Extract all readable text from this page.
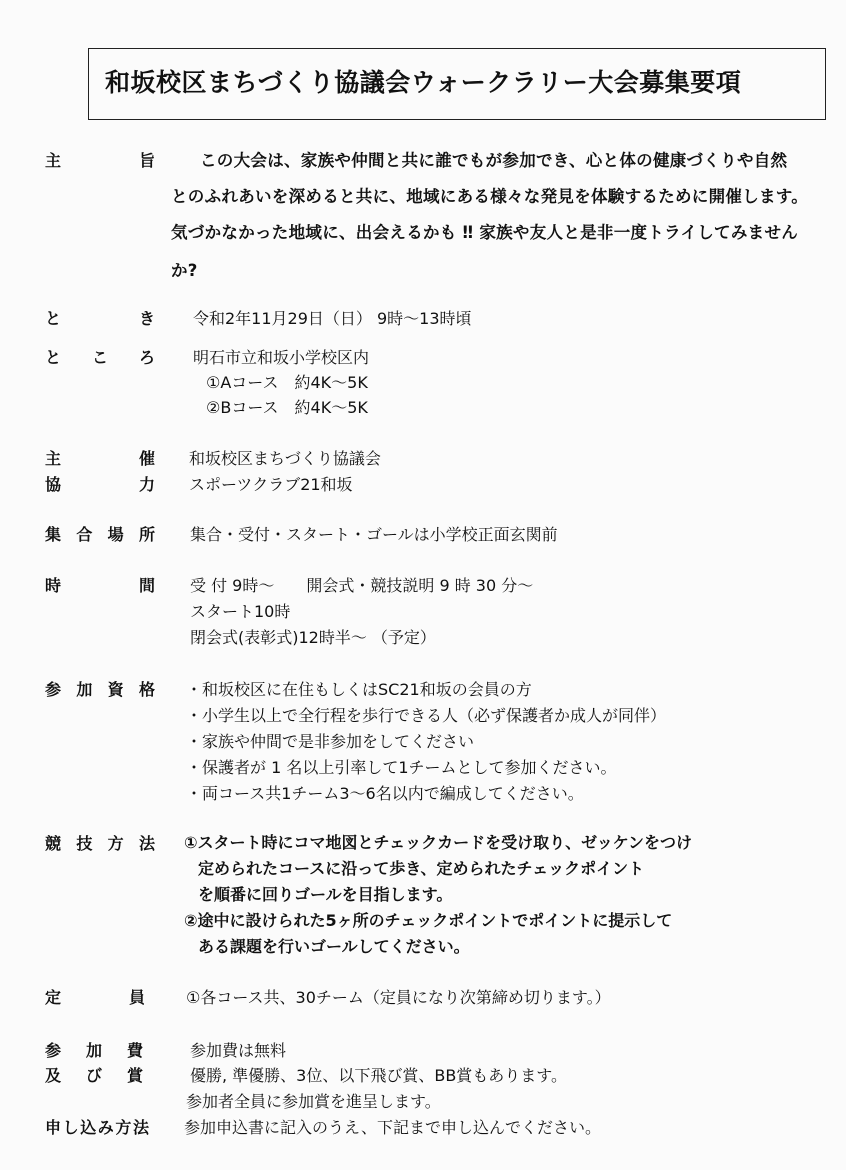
和坂校区まちづくり協議会ウォークラリー大会募集要項
主	旨	この大会は、家族や仲間と共に誰でもが参加でき、心と体の健康づくりや自然
とのふれあいを深めると共に、地域にある様々な発見を体験するために開催します。
気づかなかった地域に、出会えるかも ‼ 家族や友人と是非一度トライしてみません
か?
と	き 令和2年11月29日（日） 9時～13時頃
と こ ろ 明石市立和坂小学校区内
①Aコース　約4K～5K
②Bコース　約4K～5K
主	催 和坂校区まちづくり協議会
協	力 スポーツクラブ21和坂
集 合 場 所 集合・受付・スタート・ゴールは小学校正面玄関前
時	間 受 付 9時～　　開会式・競技説明 9 時 30 分～
スタート10時
閉会式(表彰式)12時半～ （予定）
参 加 資 格 ・和坂校区に在住もしくはSC21和坂の会員の方
・小学生以上で全行程を歩行できる人（必ず保護者か成人が同伴）
・家族や仲間で是非参加をしてください
・保護者が 1 名以上引率して1チームとして参加ください。
・両コース共1チーム3～6名以内で編成してください。
競 技 方 法 ①スタート時にコマ地図とチェックカードを受け取り、ゼッケンをつけ
定められたコースに沿って歩き、定められたチェックポイント
を順番に回りゴールを目指します。
②途中に設けられた5ヶ所のチェックポイントでポイントに提示して
ある課題を行いゴールしてください。
定	員	①各コース共、30チーム（定員になり次第締め切ります。）
参 加 費	参加費は無料
及 び 賞	優勝, 準優勝、3位、以下飛び賞、BB賞もあります。
参加者全員に参加賞を進呈します。
申 し 込 み 方 法 参加申込書に記入のうえ、下記まで申し込んでください。
